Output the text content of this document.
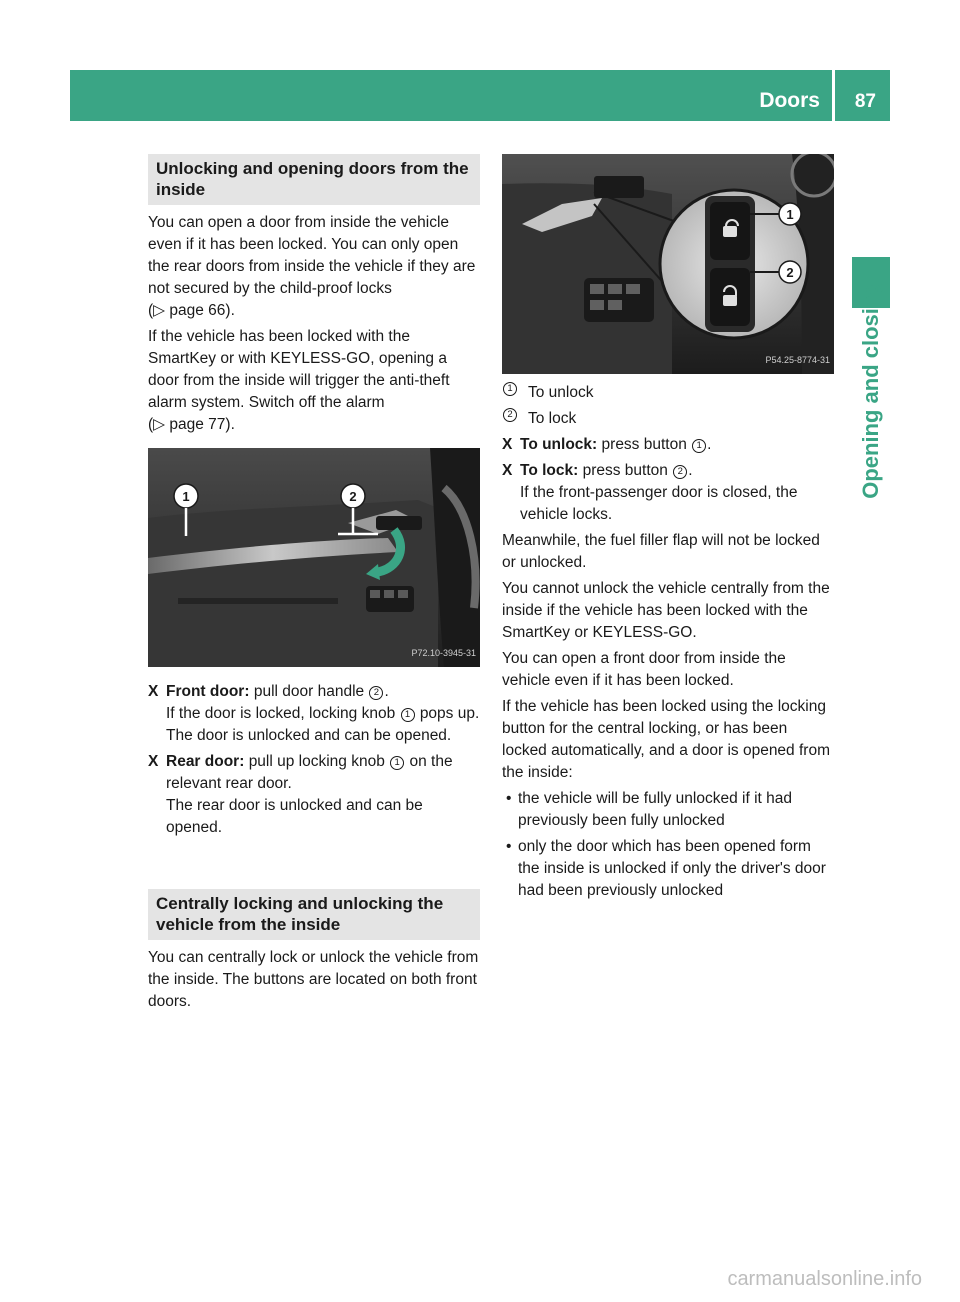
Doors 87
Opening and closing
Unlocking and opening doors from the inside
You can open a door from inside the vehicle even if it has been locked. You can only open the rear doors from inside the vehicle if they are not secured by the child-proof locks
(▷ page 66).
If the vehicle has been locked with the SmartKey or with KEYLESS-GO, opening a door from the inside will trigger the anti-theft alarm system. Switch off the alarm
(▷ page 77).
1	2
P72.10-3945-31
X Front door: pull door handle 2 .
If the door is locked, locking knob 1 pops up. The door is unlocked and can be opened.
X Rear door: pull up locking knob 1 on the relevant rear door.
The rear door is unlocked and can be opened.
Centrally locking and unlocking the vehicle from the inside
You can centrally lock or unlock the vehicle from the inside. The buttons are located on both front doors.
1
2
P54.25-8774-31
1 To unlock
2 To lock
X To unlock: press button 1 .
X To lock: press button 2 .
If the front-passenger door is closed, the vehicle locks.
Meanwhile, the fuel filler flap will not be locked or unlocked.
You cannot unlock the vehicle centrally from the inside if the vehicle has been locked with the SmartKey or KEYLESS-GO.
You can open a front door from inside the vehicle even if it has been locked.
If the vehicle has been locked using the locking button for the central locking, or has been locked automatically, and a door is opened from the inside:
• the vehicle will be fully unlocked if it had previously been fully unlocked
• only the door which has been opened form the inside is unlocked if only the driver's door had been previously unlocked
carmanualsonline.info
